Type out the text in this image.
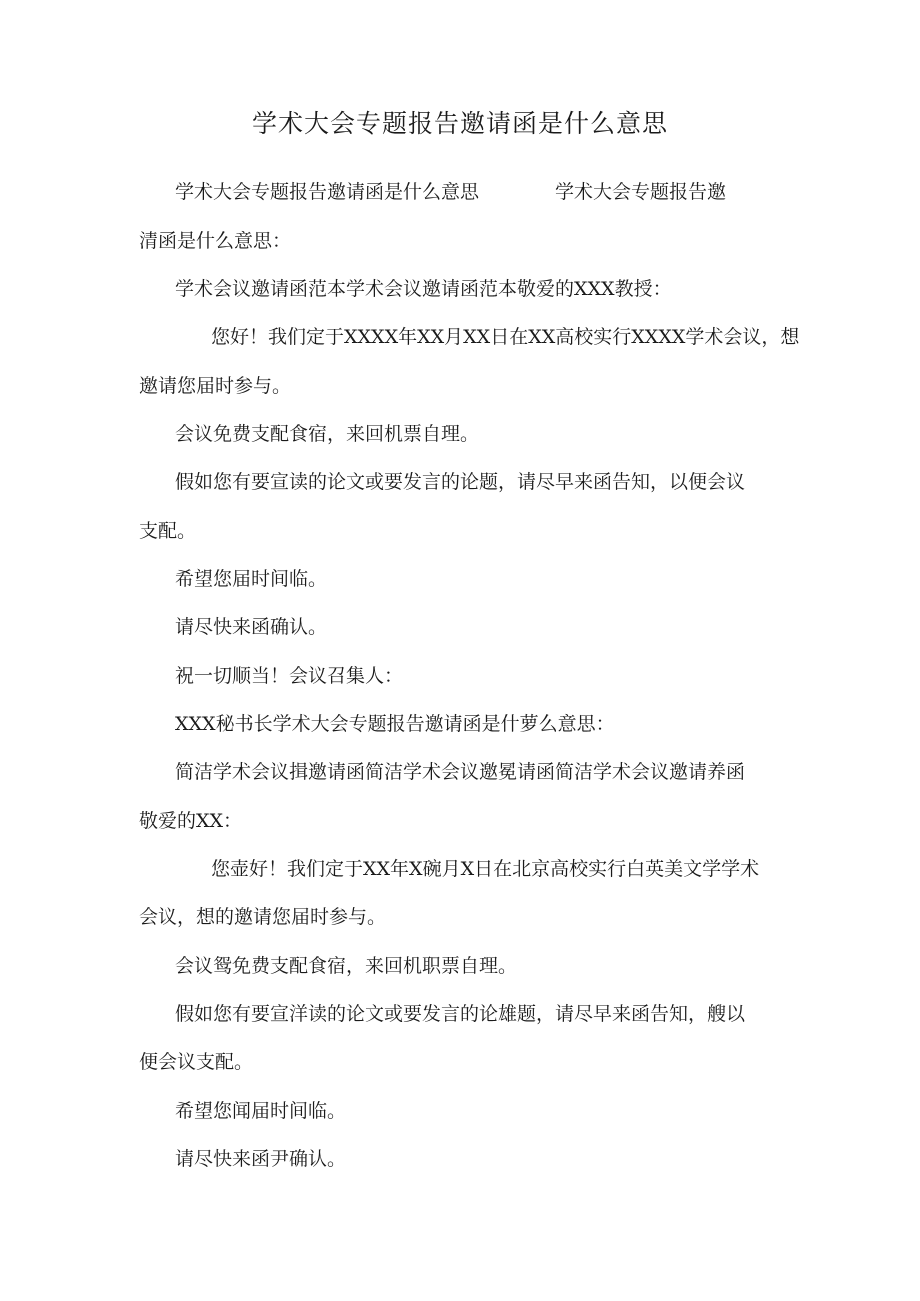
学术大会专题报告邀请函是什么意思
学术大会专题报告邀请函是什么意思　　　　学术大会专题报告邀
清函是什么意思：
学术会议邀请函范本学术会议邀请函范本敬爱的XXX教授：
您好！我们定于XXXX年XX月XX日在XX高校实行XXXX学术会议，想
邀请您届时参与。
会议免费支配食宿，来回机票自理。
假如您有要宣读的论文或要发言的论题，请尽早来函告知，以便会议
支配。
希望您届时间临。
请尽快来函确认。
祝一切顺当！会议召集人：
XXX秘书长学术大会专题报告邀请函是什萝么意思：
简洁学术会议揖邀请函简洁学术会议邀冕请函简洁学术会议邀请养函
敬爱的XX：
您壶好！我们定于XX年X碗月X日在北京高校实行白英美文学学术
会议，想的邀请您届时参与。
会议鸳免费支配食宿，来回机职票自理。
假如您有要宣洋读的论文或要发言的论雄题，请尽早来函告知，艘以
便会议支配。
希望您闻届时间临。
请尽快来函尹确认。
